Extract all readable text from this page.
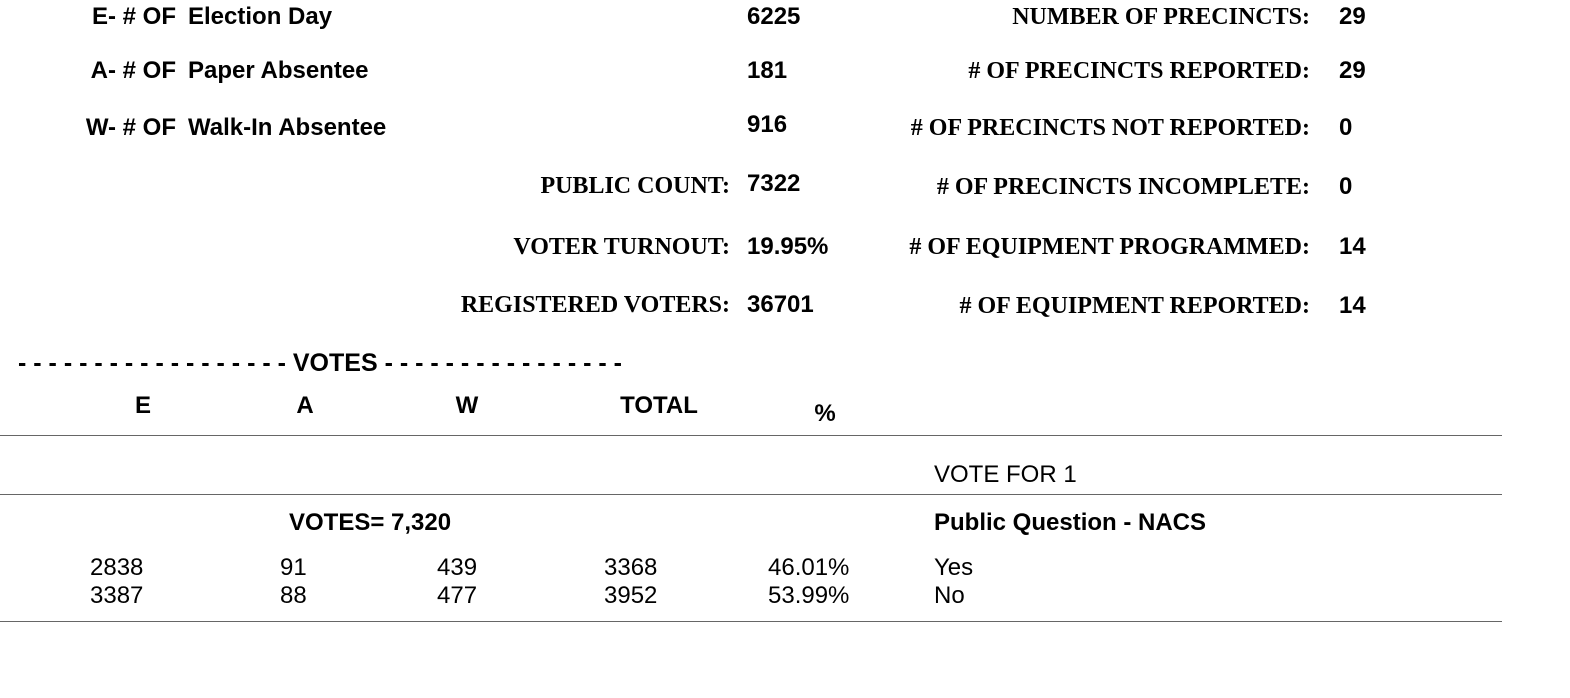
E- # OF Election Day	6225
A- # OF Paper Absentee	181
W- # OF Walk-In Absentee	916
PUBLIC COUNT: 7322
VOTER TURNOUT: 19.95%
REGISTERED VOTERS: 36701
NUMBER OF PRECINCTS: 29
# OF PRECINCTS REPORTED: 29
# OF PRECINCTS NOT REPORTED: 0
# OF PRECINCTS INCOMPLETE: 0
# OF EQUIPMENT PROGRAMMED: 14
# OF EQUIPMENT REPORTED: 14
- - - - - - - - - - - - - - - - - - VOTES - - - - - - - - - - - - - - - -
E	A	W	TOTAL	%
VOTE FOR 1
VOTES= 7,320	Public Question - NACS
2838	91	439	3368	46.01%	Yes
3387	88	477	3952	53.99%	No
